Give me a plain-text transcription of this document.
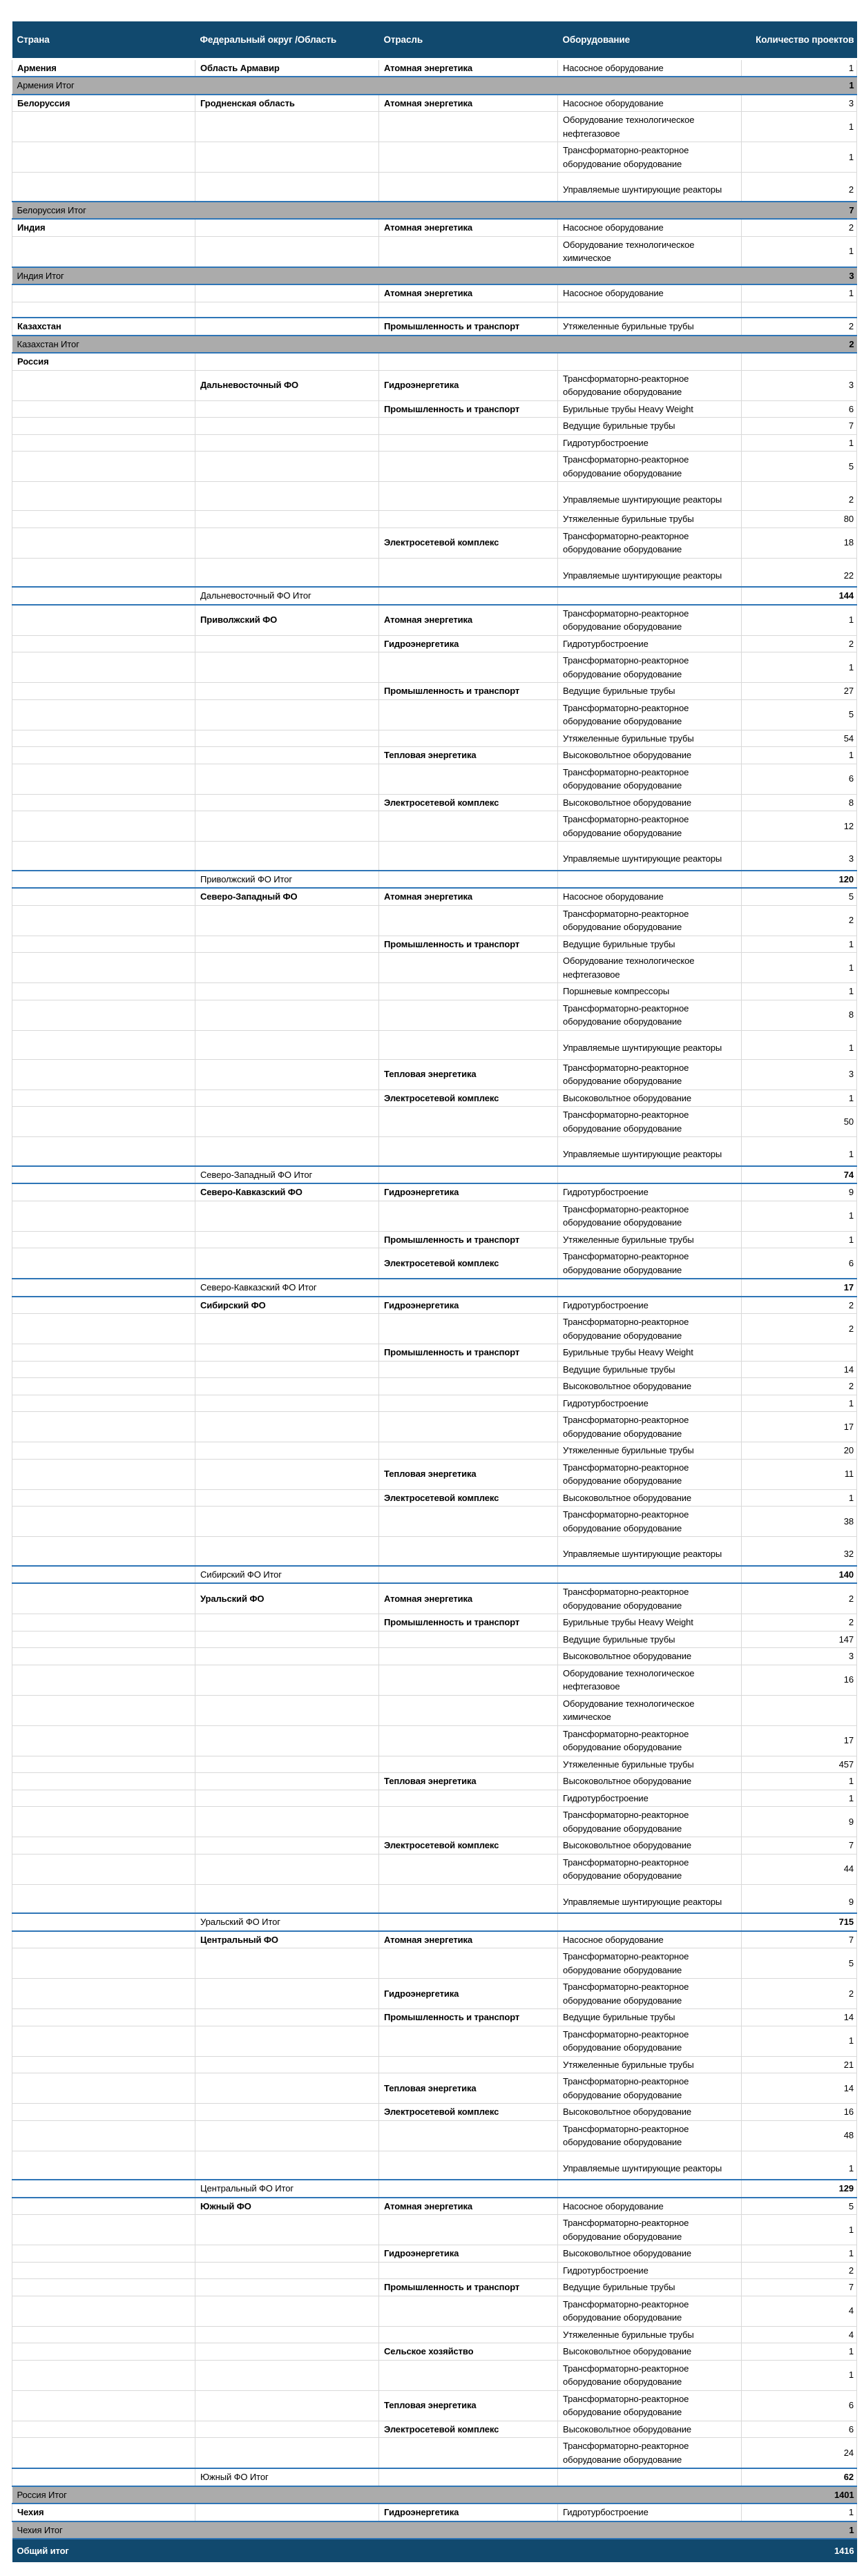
Страна	Федеральный округ /Область	Отрасль	Оборудование	Количество проектов
Армения	Область Армавир	Атомная энергетика	Насосное оборудование	1
Армения Итог				1
Белоруссия	Гродненская область	Атомная энергетика	Насосное оборудование	3
			Оборудование технологическое нефтегазовое	1
			Трансформаторно-реакторное оборудование оборудование	1
			Управляемые шунтирующие реакторы	2
Белоруссия Итог				7
Индия		Атомная энергетика	Насосное оборудование	2
			Оборудование технологическое химическое	1
Индия Итог				3
		Атомная энергетика	Насосное оборудование	1

Казахстан		Промышленность и транспорт	Утяжеленные бурильные трубы	2
Казахстан Итог				2
Россия				
	Дальневосточный ФО	Гидроэнергетика	Трансформаторно-реакторное оборудование оборудование	3
		Промышленность и транспорт	Бурильные трубы Heavy Weight	6
			Ведущие бурильные трубы	7
			Гидротурбостроение	1
			Трансформаторно-реакторное оборудование оборудование	5
			Управляемые шунтирующие реакторы	2
			Утяжеленные бурильные трубы	80
		Электросетевой комплекс	Трансформаторно-реакторное оборудование оборудование	18
			Управляемые шунтирующие реакторы	22
	Дальневосточный ФО Итог			144
	Приволжский ФО	Атомная энергетика	Трансформаторно-реакторное оборудование оборудование	1
		Гидроэнергетика	Гидротурбостроение	2
			Трансформаторно-реакторное оборудование оборудование	1
		Промышленность и транспорт	Ведущие бурильные трубы	27
			Трансформаторно-реакторное оборудование оборудование	5
			Утяжеленные бурильные трубы	54
		Тепловая энергетика	Высоковольтное оборудование	1
			Трансформаторно-реакторное оборудование оборудование	6
		Электросетевой комплекс	Высоковольтное оборудование	8
			Трансформаторно-реакторное оборудование оборудование	12
			Управляемые шунтирующие реакторы	3
	Приволжский ФО Итог			120
	Северо-Западный ФО	Атомная энергетика	Насосное оборудование	5
			Трансформаторно-реакторное оборудование оборудование	2
		Промышленность и транспорт	Ведущие бурильные трубы	1
			Оборудование технологическое нефтегазовое	1
			Поршневые компрессоры	1
			Трансформаторно-реакторное оборудование оборудование	8
			Управляемые шунтирующие реакторы	1
		Тепловая энергетика	Трансформаторно-реакторное оборудование оборудование	3
		Электросетевой комплекс	Высоковольтное оборудование	1
			Трансформаторно-реакторное оборудование оборудование	50
			Управляемые шунтирующие реакторы	1
	Северо-Западный ФО Итог			74
	Северо-Кавказский ФО	Гидроэнергетика	Гидротурбостроение	9
			Трансформаторно-реакторное оборудование оборудование	1
		Промышленность и транспорт	Утяжеленные бурильные трубы	1
		Электросетевой комплекс	Трансформаторно-реакторное оборудование оборудование	6
	Северо-Кавказский ФО Итог			17
	Сибирский ФО	Гидроэнергетика	Гидротурбостроение	2
			Трансформаторно-реакторное оборудование оборудование	2
		Промышленность и транспорт	Бурильные трубы Heavy Weight	
			Ведущие бурильные трубы	14
			Высоковольтное оборудование	2
			Гидротурбостроение	1
			Трансформаторно-реакторное оборудование оборудование	17
			Утяжеленные бурильные трубы	20
		Тепловая энергетика	Трансформаторно-реакторное оборудование оборудование	11
		Электросетевой комплекс	Высоковольтное оборудование	1
			Трансформаторно-реакторное оборудование оборудование	38
			Управляемые шунтирующие реакторы	32
	Сибирский ФО Итог			140
	Уральский ФО	Атомная энергетика	Трансформаторно-реакторное оборудование оборудование	2
		Промышленность и транспорт	Бурильные трубы Heavy Weight	2
			Ведущие бурильные трубы	147
			Высоковольтное оборудование	3
			Оборудование технологическое нефтегазовое	16
			Оборудование технологическое химическое	
			Трансформаторно-реакторное оборудование оборудование	17
			Утяжеленные бурильные трубы	457
		Тепловая энергетика	Высоковольтное оборудование	1
			Гидротурбостроение	1
			Трансформаторно-реакторное оборудование оборудование	9
		Электросетевой комплекс	Высоковольтное оборудование	7
			Трансформаторно-реакторное оборудование оборудование	44
			Управляемые шунтирующие реакторы	9
	Уральский ФО Итог			715
	Центральный ФО	Атомная энергетика	Насосное оборудование	7
			Трансформаторно-реакторное оборудование оборудование	5
		Гидроэнергетика	Трансформаторно-реакторное оборудование оборудование	2
		Промышленность и транспорт	Ведущие бурильные трубы	14
			Трансформаторно-реакторное оборудование оборудование	1
			Утяжеленные бурильные трубы	21
		Тепловая энергетика	Трансформаторно-реакторное оборудование оборудование	14
		Электросетевой комплекс	Высоковольтное оборудование	16
			Трансформаторно-реакторное оборудование оборудование	48
			Управляемые шунтирующие реакторы	1
	Центральный ФО Итог			129
	Южный ФО	Атомная энергетика	Насосное оборудование	5
			Трансформаторно-реакторное оборудование оборудование	1
		Гидроэнергетика	Высоковольтное оборудование	1
			Гидротурбостроение	2
		Промышленность и транспорт	Ведущие бурильные трубы	7
			Трансформаторно-реакторное оборудование оборудование	4
			Утяжеленные бурильные трубы	4
		Сельское хозяйство	Высоковольтное оборудование	1
			Трансформаторно-реакторное оборудование оборудование	1
		Тепловая энергетика	Трансформаторно-реакторное оборудование оборудование	6
		Электросетевой комплекс	Высоковольтное оборудование	6
			Трансформаторно-реакторное оборудование оборудование	24
	Южный ФО Итог			62
Россия Итог				1401
Чехия		Гидроэнергетика	Гидротурбостроение	1
Чехия Итог				1
Общий итог				1416
